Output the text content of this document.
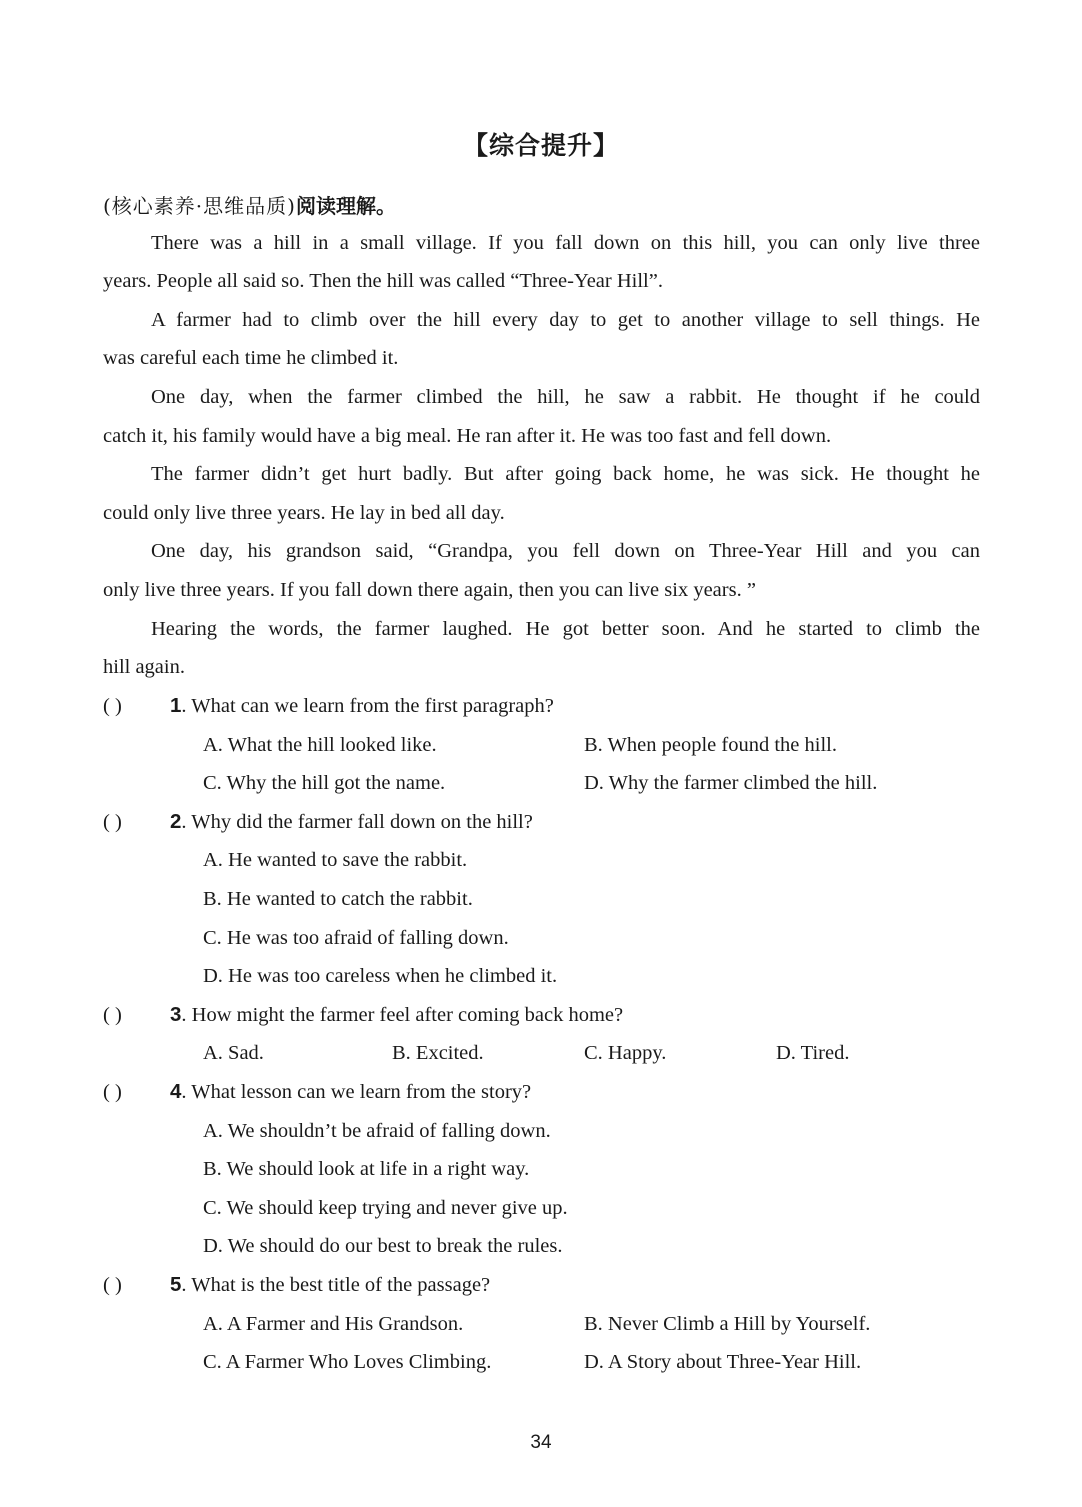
【综合提升】
(核心素养·思维品质)阅读理解。
There was a hill in a small village. If you fall down on this hill, you can only live three
years. People all said so. Then the hill was called “Three-Year Hill”.
A farmer had to climb over the hill every day to get to another village to sell things. He
was careful each time he climbed it.
One day, when the farmer climbed the hill, he saw a rabbit. He thought if he could
catch it, his family would have a big meal. He ran after it. He was too fast and fell down.
The farmer didn’t get hurt badly. But after going back home, he was sick. He thought he
could only live three years. He lay in bed all day.
One day, his grandson said, “Grandpa, you fell down on Three-Year Hill and you can
only live three years. If you fall down there again, then you can live six years. ”
Hearing the words, the farmer laughed. He got better soon. And he started to climb the
hill again.
( ) 1. What can we learn from the first paragraph?
A. What the hill looked like.	B. When people found the hill.
C. Why the hill got the name.	D. Why the farmer climbed the hill.
( ) 2. Why did the farmer fall down on the hill?
A. He wanted to save the rabbit.
B. He wanted to catch the rabbit.
C. He was too afraid of falling down.
D. He was too careless when he climbed it.
( ) 3. How might the farmer feel after coming back home?
A. Sad.	B. Excited.	C. Happy.	D. Tired.
( ) 4. What lesson can we learn from the story?
A. We shouldn’t be afraid of falling down.
B. We should look at life in a right way.
C. We should keep trying and never give up.
D. We should do our best to break the rules.
( ) 5. What is the best title of the passage?
A. A Farmer and His Grandson.	B. Never Climb a Hill by Yourself.
C. A Farmer Who Loves Climbing.	D. A Story about Three-Year Hill.
34
